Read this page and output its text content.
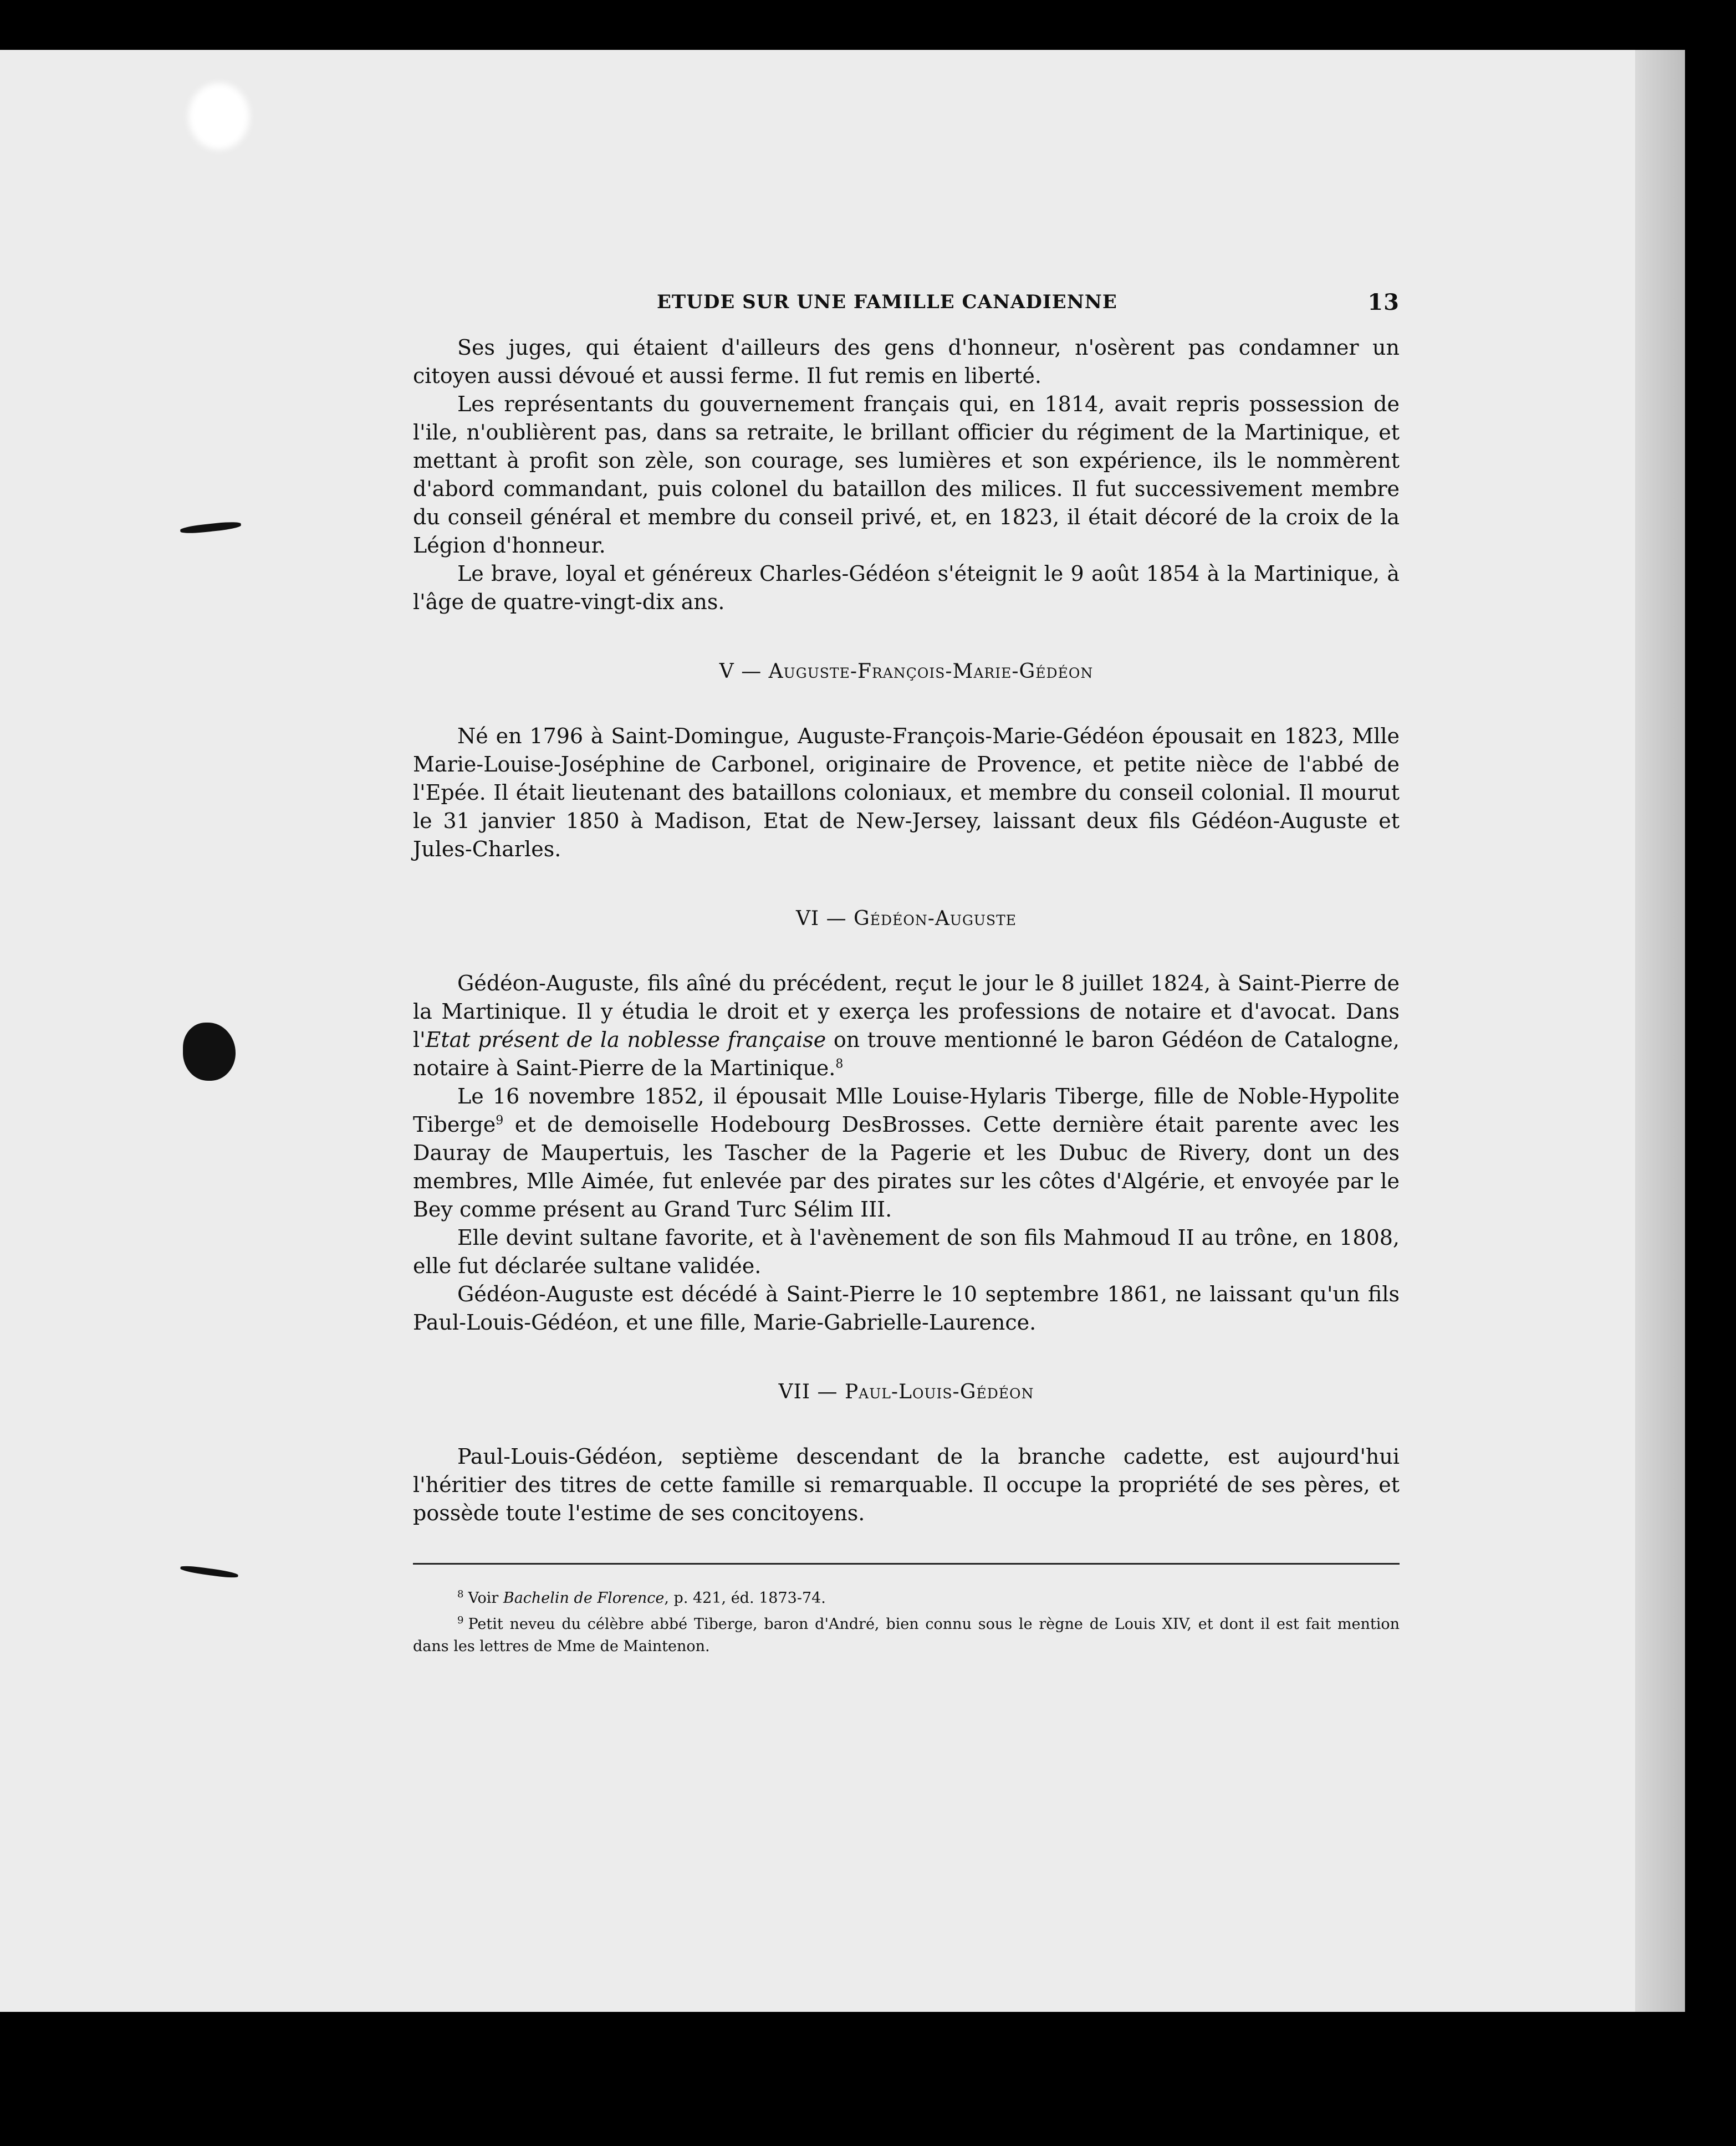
ETUDE SUR UNE FAMILLE CANADIENNE	13

Ses juges, qui étaient d'ailleurs des gens d'honneur, n'osèrent pas condamner un citoyen aussi dévoué et aussi ferme. Il fut remis en liberté.

Les représentants du gouvernement français qui, en 1814, avait repris possession de l'ile, n'oublièrent pas, dans sa retraite, le brillant officier du régiment de la Martinique, et mettant à profit son zèle, son courage, ses lumières et son expérience, ils le nommèrent d'abord commandant, puis colonel du bataillon des milices. Il fut successivement membre du conseil général et membre du conseil privé, et, en 1823, il était décoré de la croix de la Légion d'honneur.

Le brave, loyal et généreux Charles-Gédéon s'éteignit le 9 août 1854 à la Martinique, à l'âge de quatre-vingt-dix ans.

V — Auguste-François-Marie-Gédéon

Né en 1796 à Saint-Domingue, Auguste-François-Marie-Gédéon épousait en 1823, Mlle Marie-Louise-Joséphine de Carbonel, originaire de Provence, et petite nièce de l'abbé de l'Epée. Il était lieutenant des bataillons coloniaux, et membre du conseil colonial. Il mourut le 31 janvier 1850 à Madison, Etat de New-Jersey, laissant deux fils Gédéon-Auguste et Jules-Charles.

VI — Gédéon-Auguste

Gédéon-Auguste, fils aîné du précédent, reçut le jour le 8 juillet 1824, à Saint-Pierre de la Martinique. Il y étudia le droit et y exerça les professions de notaire et d'avocat. Dans l'Etat présent de la noblesse française on trouve mentionné le baron Gédéon de Catalogne, notaire à Saint-Pierre de la Martinique.$^8$

Le 16 novembre 1852, il épousait Mlle Louise-Hylaris Tiberge, fille de Noble-Hypolite Tiberge$^9$ et de demoiselle Hodebourg DesBrosses. Cette dernière était parente avec les Dauray de Maupertuis, les Tascher de la Pagerie et les Dubuc de Rivery, dont un des membres, Mlle Aimée, fut enlevée par des pirates sur les côtes d'Algérie, et envoyée par le Bey comme présent au Grand Turc Sélim III.

Elle devint sultane favorite, et à l'avènement de son fils Mahmoud II au trône, en 1808, elle fut déclarée sultane validée.

Gédéon-Auguste est décédé à Saint-Pierre le 10 septembre 1861, ne laissant qu'un fils Paul-Louis-Gédéon, et une fille, Marie-Gabrielle-Laurence.

VII — Paul-Louis-Gédéon

Paul-Louis-Gédéon, septième descendant de la branche cadette, est aujourd'hui l'héritier des titres de cette famille si remarquable. Il occupe la propriété de ses pères, et possède toute l'estime de ses concitoyens.

$^8$ Voir Bachelin de Florence, p. 421, éd. 1873-74.

$^9$ Petit neveu du célèbre abbé Tiberge, baron d'André, bien connu sous le règne de Louis XIV, et dont il est fait mention dans les lettres de Mme de Maintenon.
